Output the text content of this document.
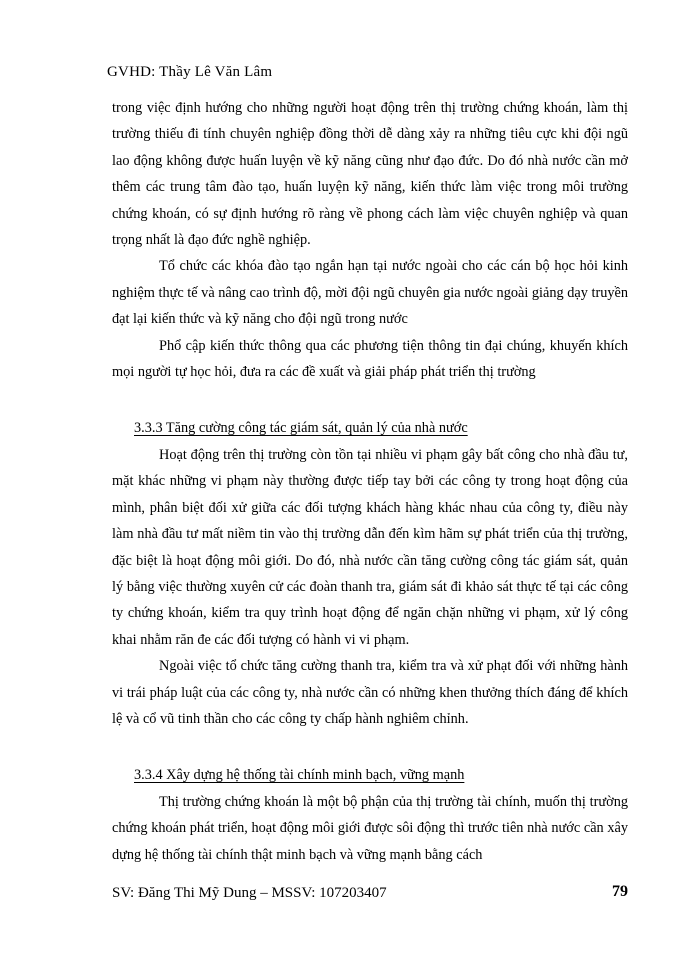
GVHD: Thầy Lê Văn Lâm

trong việc định hướng cho những người hoạt động trên thị trường chứng khoán, làm thị trường thiếu đi tính chuyên nghiệp đồng thời dễ dàng xảy ra những tiêu cực khi đội ngũ lao động không được huấn luyện về kỹ năng cũng như đạo đức. Do đó nhà nước cần mở thêm các trung tâm đào tạo, huấn luyện kỹ năng, kiến thức làm việc trong môi trường chứng khoán, có sự định hướng rõ ràng về phong cách làm việc chuyên nghiệp và quan trọng nhất là đạo đức nghề nghiệp.

Tổ chức các khóa đào tạo ngắn hạn tại nước ngoài cho các cán bộ học hỏi kinh nghiệm thực tế và nâng cao trình độ, mời đội ngũ chuyên gia nước ngoài giảng dạy truyền đạt lại kiến thức và kỹ năng cho đội ngũ trong nước

Phổ cập kiến thức thông qua các phương tiện thông tin đại chúng, khuyến khích mọi người tự học hỏi, đưa ra các đề xuất và giải pháp phát triển thị trường

3.3.3 Tăng cường công tác giám sát, quản lý của nhà nước

Hoạt động trên thị trường còn tồn tại nhiều vi phạm gây bất công cho nhà đầu tư, mặt khác những vi phạm này thường được tiếp tay bởi các công ty trong hoạt động của mình, phân biệt đối xử giữa các đối tượng khách hàng khác nhau của công ty, điều này làm nhà đầu tư mất niềm tin vào thị trường dẫn đến kìm hãm sự phát triển của thị trường, đặc biệt là hoạt động môi giới. Do đó, nhà nước cần tăng cường công tác giám sát, quản lý bằng việc thường xuyên cử các đoàn thanh tra, giám sát đi khảo sát thực tế tại các công ty chứng khoán, kiểm tra quy trình hoạt động để ngăn chặn những vi phạm, xử lý công khai nhằm răn đe các đối tượng có hành vi vi phạm.

Ngoài việc tổ chức tăng cường thanh tra, kiểm tra và xử phạt đối với những hành vi trái pháp luật của các công ty, nhà nước cần có những khen thưởng thích đáng để khích lệ và cổ vũ tinh thần cho các công ty chấp hành nghiêm chỉnh.

3.3.4 Xây dựng hệ thống tài chính minh bạch, vững mạnh

Thị trường chứng khoán là một bộ phận của thị trường tài chính, muốn thị trường chứng khoán phát triển, hoạt động môi giới được sôi động thì trước tiên nhà nước cần xây dựng hệ thống tài chính thật minh bạch và vững mạnh bằng cách

SV: Đăng Thi Mỹ Dung – MSSV: 107203407	79
